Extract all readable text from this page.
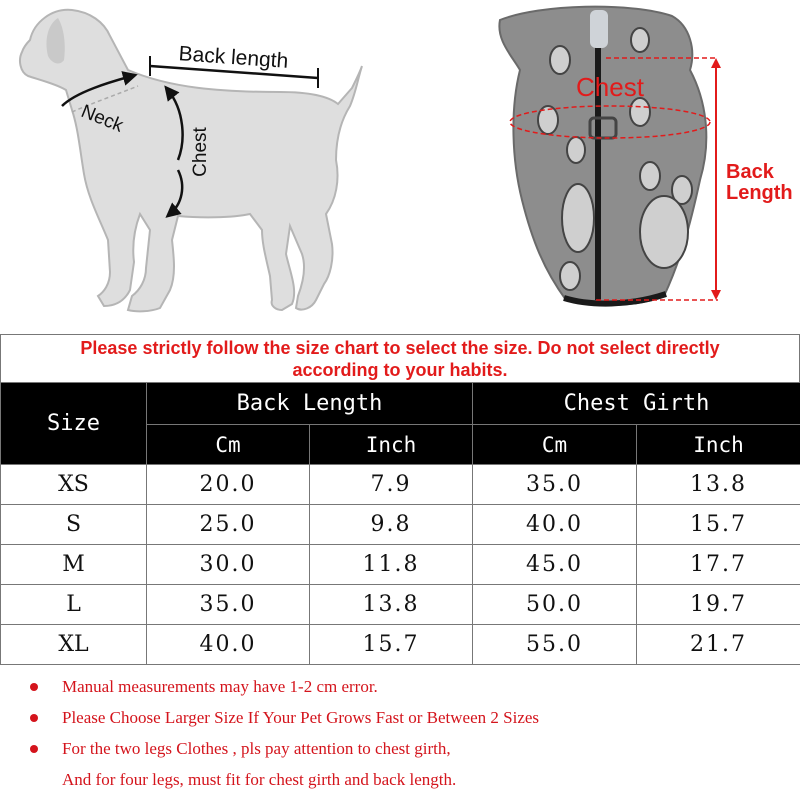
Back length
Neck
Chest
Chest
Back
Length
Please strictly follow the size chart to select the size. Do not select directly
according to your habits.
Size	Back Length		Chest Girth	
	Cm	Inch	Cm	Inch
XS	20.0	7.9	35.0	13.8
S	25.0	9.8	40.0	15.7
M	30.0	11.8	45.0	17.7
L	35.0	13.8	50.0	19.7
XL	40.0	15.7	55.0	21.7
Manual measurements may have 1-2 cm error.
Please Choose Larger Size If Your Pet Grows Fast or Between 2 Sizes
For the two legs Clothes , pls pay attention to chest girth,
And for four legs, must fit for chest girth and back length.
